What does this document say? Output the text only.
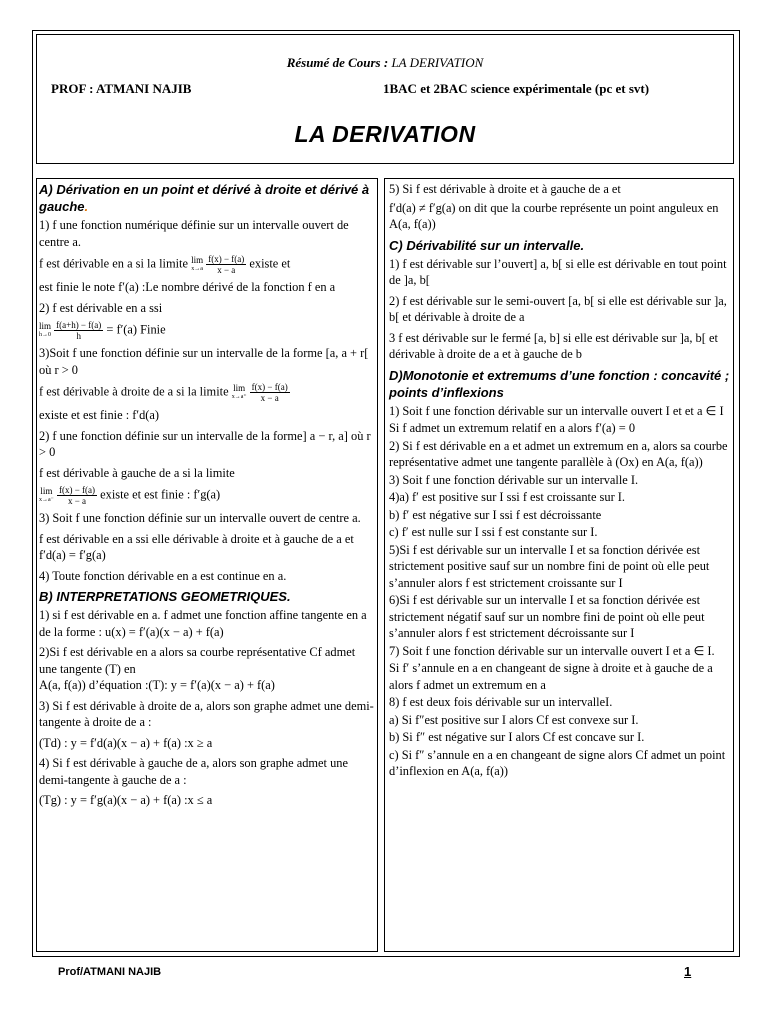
Résumé de Cours : LA DERIVATION
PROF : ATMANI NAJIB	1BAC et 2BAC science expérimentale (pc et svt)
LA DERIVATION
A) Dérivation en un point et dérivé à droite et dérivé à gauche.

1) f une fonction numérique définie sur un intervalle ouvert de centre a.

f est dérivable en a si la limite lim
x→a
$\frac{f(x) - f(a)}{x - a}$ existe et

est finie le note f′(a) :Le nombre dérivé de la fonction f en a

2) f est dérivable en a ssi

lim
h→0
$\frac{f(a+h) - f(a)}{h} = f'(a)$ Finie

3)Soit f une fonction définie sur un intervalle de la forme [a, a + r[ où r > 0

f est dérivable à droite de a si la limite lim
x→a⁺
$\frac{f(x) - f(a)}{x - a}$

existe et est finie : f′d(a)

2) f une fonction définie sur un intervalle de la forme] a − r, a] où r > 0

f est dérivable à gauche de a si la limite

lim
x→a⁻
$\frac{f(x) - f(a)}{x - a}$ existe et est finie : f′g(a)

3) Soit f une fonction définie sur un intervalle ouvert de centre a.

f est dérivable en a ssi elle dérivable à droite et à gauche de a et f′d(a) = f′g(a)

4) Toute fonction dérivable en a est continue en a.

B) INTERPRETATIONS GEOMETRIQUES.

1) si f est dérivable en a. f admet une fonction affine tangente en a de la forme : u(x) = f′(a)(x − a) + f(a)

2)Si f est dérivable en a alors sa courbe représentative Cf admet une tangente (T) en

A(a, f(a)) d’équation :(T): y = f′(a)(x − a) + f(a)

3) Si f est dérivable à droite de a, alors son graphe admet une demi-tangente à droite de a :

(Td) : y = f′d(a)(x − a) + f(a) :x ≥ a

4) Si f est dérivable à gauche de a, alors son graphe admet une demi-tangente à gauche de a :

(Tg) : y = f′g(a)(x − a) + f(a) :x ≤ a

5) Si f est dérivable à droite et à gauche de a et

f′d(a) ≠ f′g(a) on dit que la courbe représente un point anguleux en A(a, f(a))

C) Dérivabilité sur un intervalle.

1) f est dérivable sur l’ouvert] a, b[ si elle est dérivable en tout point de ]a, b[

2) f est dérivable sur le semi-ouvert [a, b[ si elle est dérivable sur ]a, b[ et dérivable à droite de a

3 f est dérivable sur le fermé [a, b] si elle est dérivable sur ]a, b[ et dérivable à droite de a et à gauche de b

D)Monotonie et extremums d’une fonction : concavité ; points d’inflexions

1) Soit f une fonction dérivable sur un intervalle ouvert I et et a ∈ I

Si f admet un extremum relatif en a alors f′(a) = 0

2) Si f est dérivable en a et admet un extremum en a, alors sa courbe représentative admet une tangente parallèle à (Ox) en A(a, f(a))

3) Soit f une fonction dérivable sur un intervalle I.

4)a) f′ est positive sur I ssi f est croissante sur I.

b) f′ est négative sur I ssi f est décroissante

c) f′ est nulle sur I ssi f est constante sur I.

5)Si f est dérivable sur un intervalle I et sa fonction dérivée est strictement positive sauf sur un nombre fini de point où elle peut s’annuler alors f est strictement croissante sur I

6)Si f est dérivable sur un intervalle I et sa fonction dérivée est strictement négatif sauf sur un nombre fini de point où elle peut s’annuler alors f est strictement décroissante sur I

7) Soit f une fonction dérivable sur un intervalle ouvert I et a ∈ I.

Si f′ s’annule en a en changeant de signe à droite et à gauche de a alors f admet un extremum en a

8) f est deux fois dérivable sur un intervalleI.

a) Si f″est positive sur I alors Cf est convexe sur I.

b) Si f″ est négative sur I alors Cf est concave sur I.

c) Si f″ s’annule en a en changeant de signe alors Cf admet un point d’inflexion en A(a, f(a))

Prof/ATMANI NAJIB	1
